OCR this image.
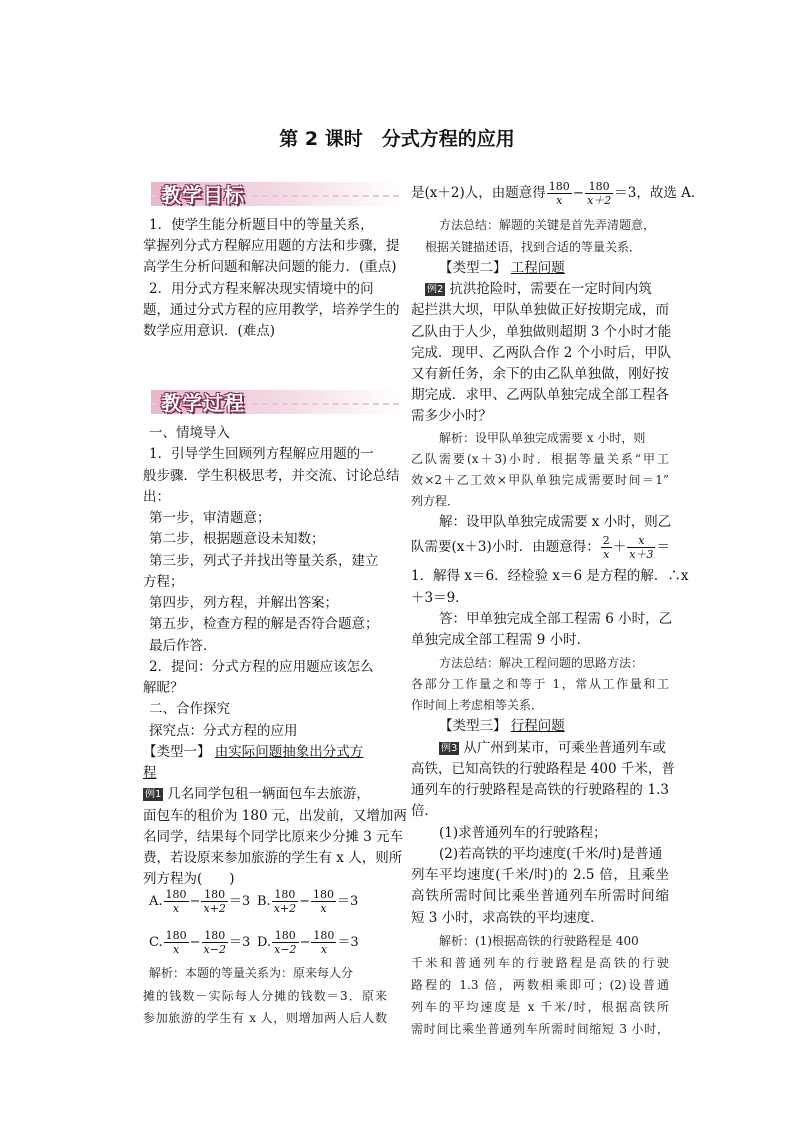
第 2 课时　分式方程的应用
教学目标
1．使学生能分析题目中的等量关系，
掌握列分式方程解应用题的方法和步骤，提
高学生分析问题和解决问题的能力．(重点)
2．用分式方程来解决现实情境中的问
题，通过分式方程的应用教学，培养学生的
数学应用意识．(难点)
教学过程
一、情境导入
1．引导学生回顾列方程解应用题的一
般步骤．学生积极思考，并交流、讨论总结
出：
第一步，审清题意；
第二步，根据题意设未知数；
第三步，列式子并找出等量关系，建立
方程；
第四步，列方程，并解出答案；
第五步，检查方程的解是否符合题意；
最后作答．
2．提问：分式方程的应用题应该怎么
解昵？
二、合作探究
探究点：分式方程的应用
【类型一】 由实际问题抽象出分式方
程
例1 几名同学包租一辆面包车去旅游，
面包车的租价为 180 元，出发前，又增加两
名同学，结果每个同学比原来少分摊 3 元车
费，若设原来参加旅游的学生有 x 人，则所
列方程为(　　)
A. $\frac{180}{x} - \frac{180}{x+2} =3$ B. $\frac{180}{x+2} - \frac{180}{x} =3$
C. $\frac{180}{x} - \frac{180}{x-2} =3$ D. $\frac{180}{x-2} - \frac{180}{x} =3$
解析：本题的等量关系为：原来每人分
摊的钱数－实际每人分摊的钱数＝3．原来
参加旅游的学生有 x 人，则增加两人后人数
是(x＋2)人，由题意得 $\frac{180}{x} - \frac{180}{x+2} =3$，故选 A．
方法总结：解题的关键是首先弄清题意，
根据关键描述语，找到合适的等量关系．
【类型二】 工程问题
例2 抗洪抢险时，需要在一定时间内筑
起拦洪大坝，甲队单独做正好按期完成，而
乙队由于人少，单独做则超期 3 个小时才能
完成．现甲、乙两队合作 2 个小时后，甲队
又有新任务，余下的由乙队单独做，刚好按
期完成．求甲、乙两队单独完成全部工程各
需多少小时？
解析：设甲队单独完成需要 x 小时，则
乙队需要(x＋3)小时．根据等量关系“甲工
效×2＋乙工效×甲队单独完成需要时间＝1”
列方程．
解：设甲队单独完成需要 x 小时，则乙
队需要(x＋3)小时．由题意得： $\frac{2}{x} + \frac{x}{x+3}$ ＝
1．解得 x＝6．经检验 x＝6 是方程的解．∴x
＋3＝9．
答：甲单独完成全部工程需 6 小时，乙
单独完成全部工程需 9 小时．
方法总结：解决工程问题的思路方法：
各部分工作量之和等于 1，常从工作量和工
作时间上考虑相等关系．
【类型三】 行程问题
例3 从广州到某市，可乘坐普通列车或
高铁，已知高铁的行驶路程是 400 千米，普
通列车的行驶路程是高铁的行驶路程的 1.3
倍．
(1)求普通列车的行驶路程；
(2)若高铁的平均速度(千米/时)是普通
列车平均速度(千米/时)的 2.5 倍，且乘坐
高铁所需时间比乘坐普通列车所需时间缩
短 3 小时，求高铁的平均速度．
解析：(1)根据高铁的行驶路程是 400
千米和普通列车的行驶路程是高铁的行驶
路程的 1.3 倍，两数相乘即可；(2)设普通
列车的平均速度是 x 千米/时，根据高铁所
需时间比乘坐普通列车所需时间缩短 3 小时，
